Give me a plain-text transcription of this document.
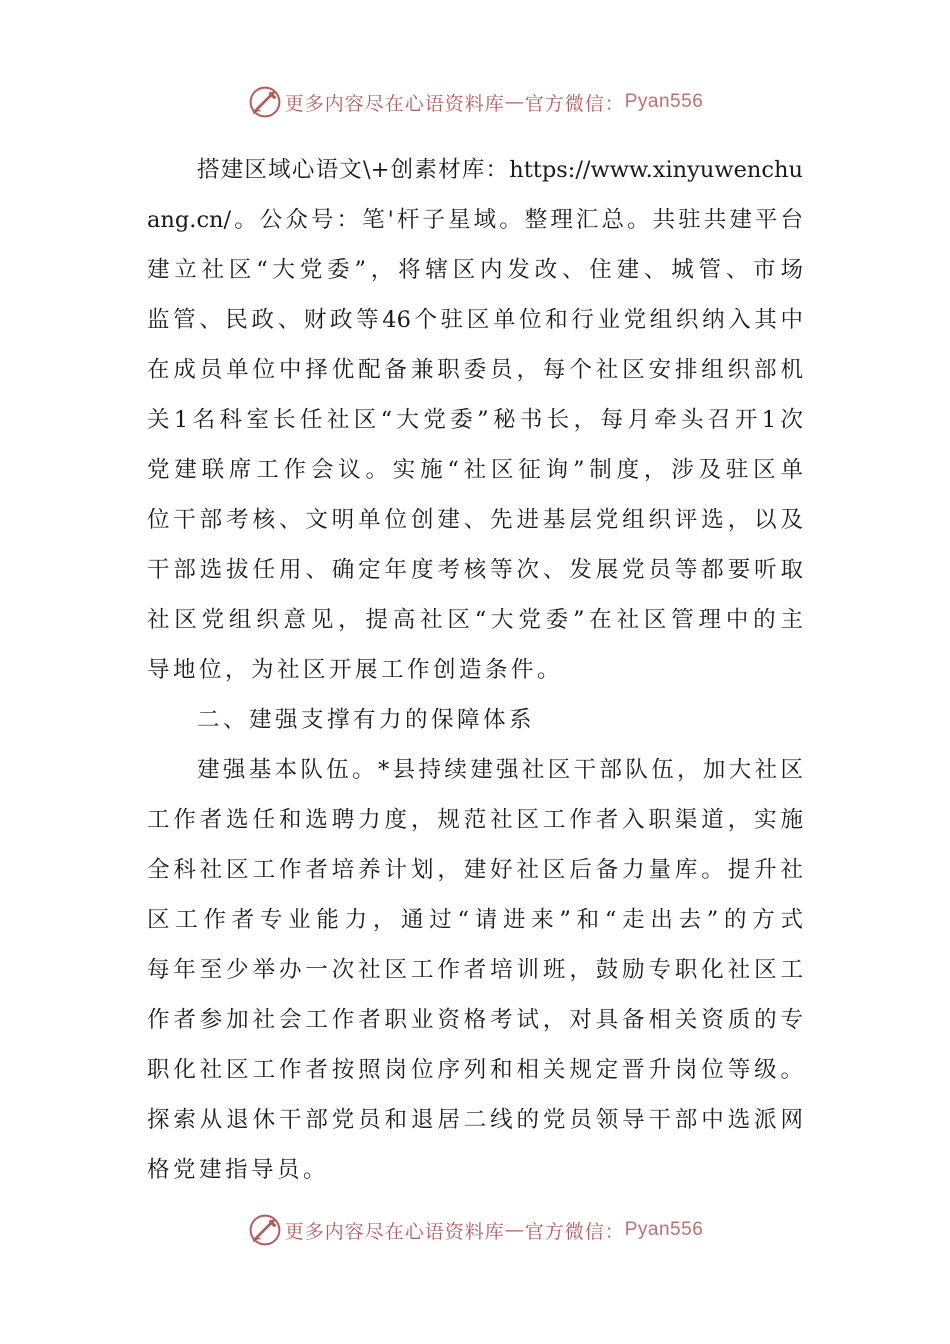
更多内容尽在心语资料库 — 官方微信： Pyan556
搭建区域心语文\+创素材库：https://www.xinyuwenchu
ang.cn/。公众号：笔'杆子星域。整理汇总。共驻共建平台
建立社区“大党委”，将辖区内发改、住建、城管、市场
监管、民政、财政等46个驻区单位和行业党组织纳入其中
在成员单位中择优配备兼职委员，每个社区安排组织部机
关1名科室长任社区“大党委”秘书长，每月牵头召开1次
党建联席工作会议。实施“社区征询”制度，涉及驻区单
位干部考核、文明单位创建、先进基层党组织评选，以及
干部选拔任用、确定年度考核等次、发展党员等都要听取
社区党组织意见，提高社区“大党委”在社区管理中的主
导地位，为社区开展工作创造条件。
二、建强支撑有力的保障体系
建强基本队伍。*县持续建强社区干部队伍，加大社区
工作者选任和选聘力度，规范社区工作者入职渠道，实施
全科社区工作者培养计划，建好社区后备力量库。提升社
区工作者专业能力，通过“请进来”和“走出去”的方式
每年至少举办一次社区工作者培训班，鼓励专职化社区工
作者参加社会工作者职业资格考试，对具备相关资质的专
职化社区工作者按照岗位序列和相关规定晋升岗位等级。
探索从退休干部党员和退居二线的党员领导干部中选派网
格党建指导员。
更多内容尽在心语资料库 — 官方微信： Pyan556
